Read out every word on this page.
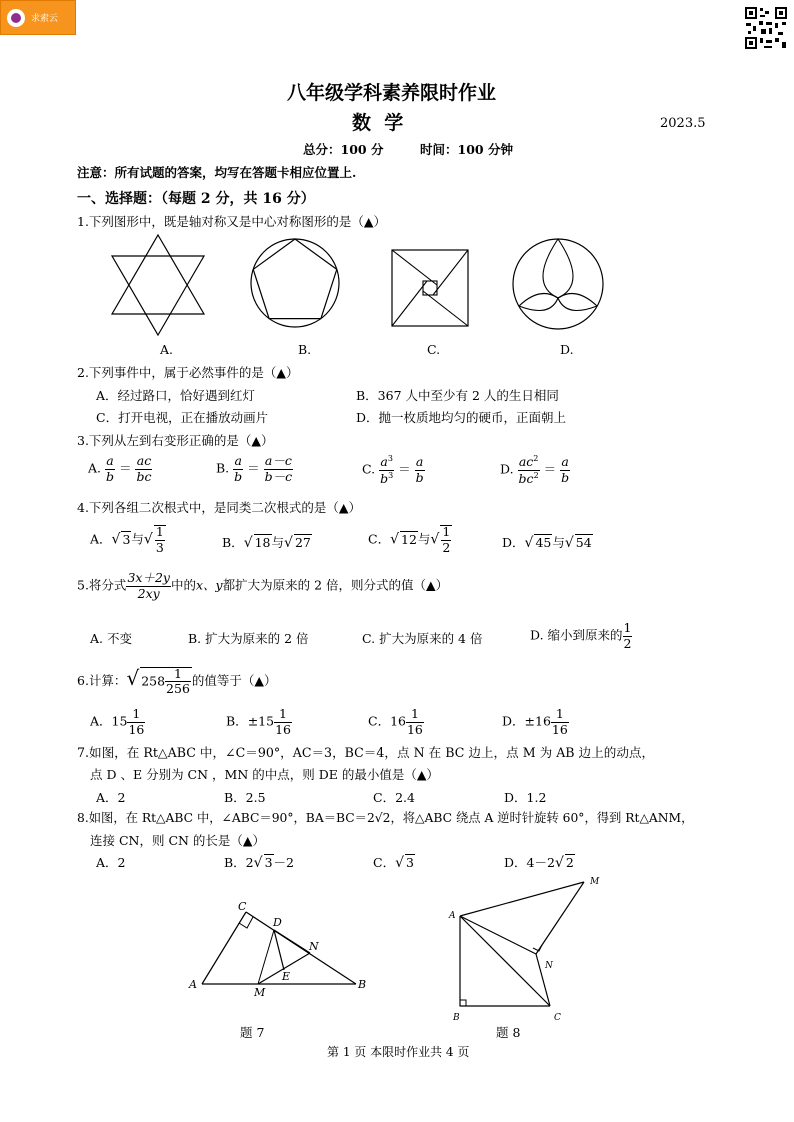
求索云
八年级学科素养限时作业
数  学	2023.5
总分：100 分	时间：100 分钟
注意：所有试题的答案，均写在答题卡相应位置上.
一、选择题：（每题 2 分，共 16 分）
1.下列图形中，既是轴对称又是中心对称图形的是（▲）
A.	B.	C.	D.
2.下列事件中，属于必然事件的是（▲）
A．经过路口，恰好遇到红灯	B．367 人中至少有 2 人的生日相同
C．打开电视，正在播放动画片	D．抛一枚质地均匀的硬币，正面朝上
3.下列从左到右变形正确的是（▲）
A. $\frac{a}{b} = \frac{ac}{bc}$	B. $\frac{a}{b} = \frac{a-c}{b-c}$	C. $\frac{a^3}{b^3} = \frac{a}{b}$	D. $\frac{ac^2}{bc^2} = \frac{a}{b}$
4.下列各组二次根式中，是同类二次根式的是（▲）
A．√ 3与√ $\frac{1}{3}$	B．√ 18与√ 27	C．√ 12与√ $\frac{1}{2}$	D．√ 45与√ 54
5.将分式 $\frac{3x+2y}{2xy}$ 中的x、y都扩大为原来的 2 倍，则分式的值（▲）
A. 不变	B. 扩大为原来的 2 倍	C. 扩大为原来的 4 倍	D. 缩小到原来的 $\frac{1}{2}$
6.计算：√ $258 \frac{1}{256}$ 的值等于（▲）
A．$15 \frac{1}{16}$	B．$\pm 15 \frac{1}{16}$	C．$16 \frac{1}{16}$	D．$\pm 16 \frac{1}{16}$
7.如图，在 Rt△ABC 中，∠C＝90°，AC＝3，BC＝4，点 N 在 BC 边上，点 M 为 AB 边上的动点，
点 D 、E 分别为 CN ，MN 的中点，则 DE 的最小值是（▲）
A．2	B．2.5	C．2.4	D．1.2
8.如图，在 Rt△ABC 中，∠ABC＝90°，BA＝BC＝2√2，将△ABC 绕点 A 逆时针旋转 60°，得到 Rt△ANM，
连接 CN，则 CN 的长是（▲）
A．2	B．2√ 3－2	C．√ 3	D．4－2√ 2
C
D
N
E
A
M
B
题 7
A
M
N
B	C
题 8
第 1 页 本限时作业共 4 页
